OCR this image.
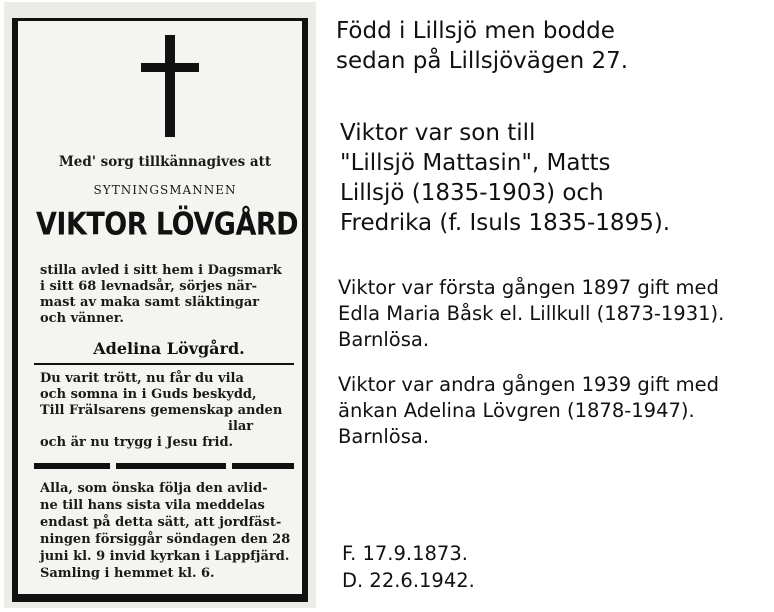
Med' sorg tillkännagives att
SYTNINGSMANNEN
VIKTOR LÖVGÅRD
stilla avled i sitt hem i Dagsmark
i sitt 68 levnadsår, sörjes när-
mast av maka samt släktingar
och vänner.
Adelina Lövgård.
Du varit trött, nu får du vila
och somna in i Guds beskydd,
Till Frälsarens gemenskap anden
ilar
och är nu trygg i Jesu frid.
Alla, som önska följa den avlid-
ne till hans sista vila meddelas
endast på detta sätt, att jordfäst-
ningen försiggår söndagen den 28
juni kl. 9 invid kyrkan i Lappfjärd.
Samling i hemmet kl. 6.

Född i Lillsjö men bodde
sedan på Lillsjövägen 27.

Viktor var son till
"Lillsjö Mattasin", Matts
Lillsjö (1835-1903) och
Fredrika (f. Isuls 1835-1895).

Viktor var första gången 1897 gift med
Edla Maria Båsk el. Lillkull (1873-1931).
Barnlösa.

Viktor var andra gången 1939 gift med
änkan Adelina Lövgren (1878-1947).
Barnlösa.

F. 17.9.1873.
D. 22.6.1942.
